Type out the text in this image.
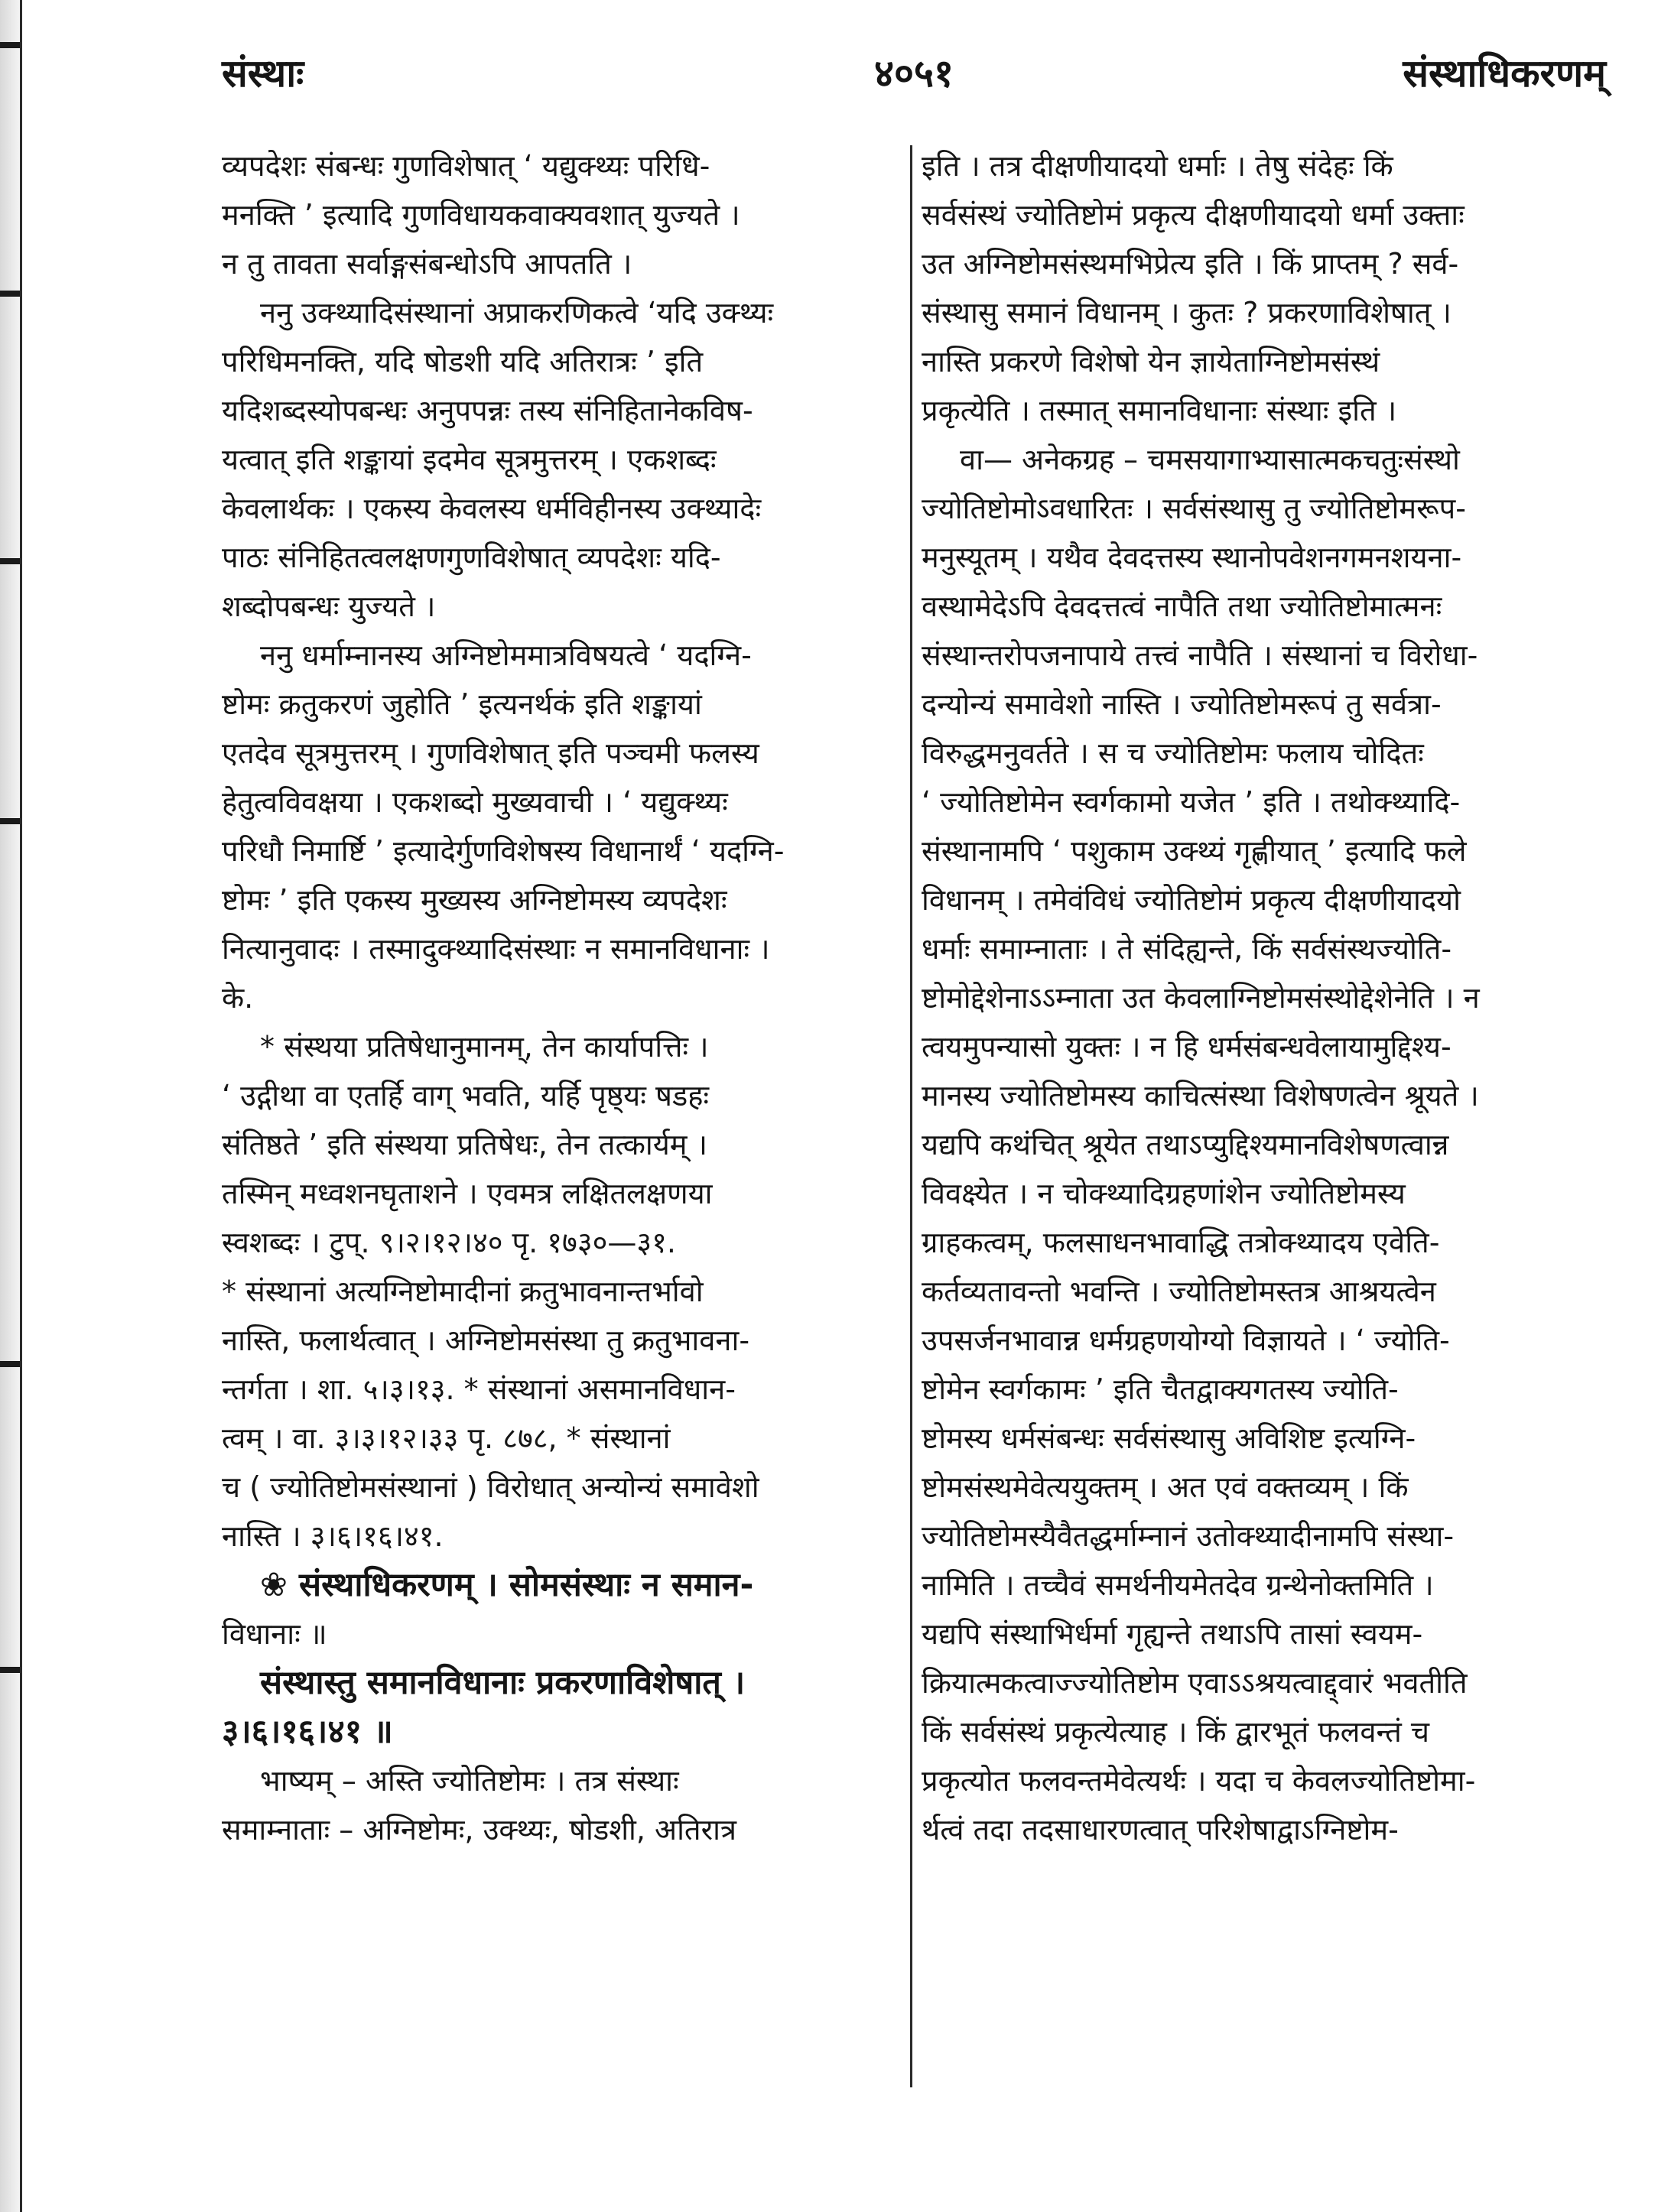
संस्थाः	४०५१	संस्थाधिकरणम्
व्यपदेशः संबन्धः गुणविशेषात् ‘ यद्युक्थ्यः परिधि-
मनक्ति ’ इत्यादि गुणविधायकवाक्यवशात् युज्यते ।
न तु तावता सर्वाङ्गसंबन्धोऽपि आपतति ।
ननु उक्थ्यादिसंस्थानां अप्राकरणिकत्वे ‘यदि उक्थ्यः
परिधिमनक्ति, यदि षोडशी यदि अतिरात्रः ’ इति
यदिशब्दस्योपबन्धः अनुपपन्नः तस्य संनिहितानेकविष-
यत्वात् इति शङ्कायां इदमेव सूत्रमुत्तरम् । एकशब्दः
केवलार्थकः । एकस्य केवलस्य धर्मविहीनस्य उक्थ्यादेः
पाठः संनिहितत्वलक्षणगुणविशेषात् व्यपदेशः यदि-
शब्दोपबन्धः युज्यते ।
ननु धर्माम्नानस्य अग्निष्टोममात्रविषयत्वे ‘ यदग्नि-
ष्टोमः क्रतुकरणं जुहोति ’ इत्यनर्थकं इति शङ्कायां
एतदेव सूत्रमुत्तरम् । गुणविशेषात् इति पञ्चमी फलस्य
हेतुत्वविवक्षया । एकशब्दो मुख्यवाची । ‘ यद्युक्थ्यः
परिधौ निमार्ष्टि ’ इत्यादेर्गुणविशेषस्य विधानार्थं ‘ यदग्नि-
ष्टोमः ’ इति एकस्य मुख्यस्य अग्निष्टोमस्य व्यपदेशः
नित्यानुवादः । तस्मादुक्थ्यादिसंस्थाः न समानविधानाः ।
के.
* संस्थया प्रतिषेधानुमानम्, तेन कार्यापत्तिः ।
‘ उद्गीथा वा एतर्हि वाग् भवति, यर्हि पृष्ठ्यः षडहः
संतिष्ठते ’ इति संस्थया प्रतिषेधः, तेन तत्कार्यम् ।
तस्मिन् मध्वशनघृताशने । एवमत्र लक्षितलक्षणया
स्वशब्दः । टुप्. ९।२।१२।४० पृ. १७३०—३१.
* संस्थानां अत्यग्निष्टोमादीनां क्रतुभावनान्तर्भावो
नास्ति, फलार्थत्वात् । अग्निष्टोमसंस्था तु क्रतुभावना-
न्तर्गता । शा. ५।३।१३. * संस्थानां असमानविधान-
त्वम् । वा. ३।३।१२।३३ पृ. ८७८, * संस्थानां
च ( ज्योतिष्टोमसंस्थानां ) विरोधात् अन्योन्यं समावेशो
नास्ति । ३।६।१६।४१.
❀ संस्थाधिकरणम् । सोमसंस्थाः न समान-
विधानाः ॥
संस्थास्तु समानविधानाः प्रकरणाविशेषात् ।
३।६।१६।४१ ॥
भाष्यम् – अस्ति ज्योतिष्टोमः । तत्र संस्थाः
समाम्नाताः – अग्निष्टोमः, उक्थ्यः, षोडशी, अतिरात्र
इति । तत्र दीक्षणीयादयो धर्माः । तेषु संदेहः किं
सर्वसंस्थं ज्योतिष्टोमं प्रकृत्य दीक्षणीयादयो धर्मा उक्ताः
उत अग्निष्टोमसंस्थमभिप्रेत्य इति । किं प्राप्तम् ? सर्व-
संस्थासु समानं विधानम् । कुतः ? प्रकरणाविशेषात् ।
नास्ति प्रकरणे विशेषो येन ज्ञायेताग्निष्टोमसंस्थं
प्रकृत्येति । तस्मात् समानविधानाः संस्थाः इति ।
वा— अनेकग्रह – चमसयागाभ्यासात्मकचतुःसंस्थो
ज्योतिष्टोमोऽवधारितः । सर्वसंस्थासु तु ज्योतिष्टोमरूप-
मनुस्यूतम् । यथैव देवदत्तस्य स्थानोपवेशनगमनशयना-
वस्थामेदेऽपि देवदत्तत्वं नापैति तथा ज्योतिष्टोमात्मनः
संस्थान्तरोपजनापाये तत्त्वं नापैति । संस्थानां च विरोधा-
दन्योन्यं समावेशो नास्ति । ज्योतिष्टोमरूपं तु सर्वत्रा-
विरुद्धमनुवर्तते । स च ज्योतिष्टोमः फलाय चोदितः
‘ ज्योतिष्टोमेन स्वर्गकामो यजेत ’ इति । तथोक्थ्यादि-
संस्थानामपि ‘ पशुकाम उक्थ्यं गृह्णीयात् ’ इत्यादि फले
विधानम् । तमेवंविधं ज्योतिष्टोमं प्रकृत्य दीक्षणीयादयो
धर्माः समाम्नाताः । ते संदिह्यन्ते, किं सर्वसंस्थज्योति-
ष्टोमोद्देशेनाऽऽम्नाता उत केवलाग्निष्टोमसंस्थोद्देशेनेति । न
त्वयमुपन्यासो युक्तः । न हि धर्मसंबन्धवेलायामुद्दिश्य-
मानस्य ज्योतिष्टोमस्य काचित्संस्था विशेषणत्वेन श्रूयते ।
यद्यपि कथंचित् श्रूयेत तथाऽप्युद्दिश्यमानविशेषणत्वान्न
विवक्ष्येत । न चोक्थ्यादिग्रहणांशेन ज्योतिष्टोमस्य
ग्राहकत्वम्, फलसाधनभावाद्धि तत्रोक्थ्यादय एवेति-
कर्तव्यतावन्तो भवन्ति । ज्योतिष्टोमस्तत्र आश्रयत्वेन
उपसर्जनभावान्न धर्मग्रहणयोग्यो विज्ञायते । ‘ ज्योति-
ष्टोमेन स्वर्गकामः ’ इति चैतद्वाक्यगतस्य ज्योति-
ष्टोमस्य धर्मसंबन्धः सर्वसंस्थासु अविशिष्ट इत्यग्नि-
ष्टोमसंस्थमेवेत्ययुक्तम् । अत एवं वक्तव्यम् । किं
ज्योतिष्टोमस्यैवैतद्धर्माम्नानं उतोक्थ्यादीनामपि संस्था-
नामिति । तच्चैवं समर्थनीयमेतदेव ग्रन्थेनोक्तमिति ।
यद्यपि संस्थाभिर्धर्मा गृह्यन्ते तथाऽपि तासां स्वयम-
क्रियात्मकत्वाज्ज्योतिष्टोम एवाऽऽश्रयत्वाद्द्वारं भवतीति
किं सर्वसंस्थं प्रकृत्येत्याह । किं द्वारभूतं फलवन्तं च
प्रकृत्योत फलवन्तमेवेत्यर्थः । यदा च केवलज्योतिष्टोमा-
र्थत्वं तदा तदसाधारणत्वात् परिशेषाद्वाऽग्निष्टोम-
